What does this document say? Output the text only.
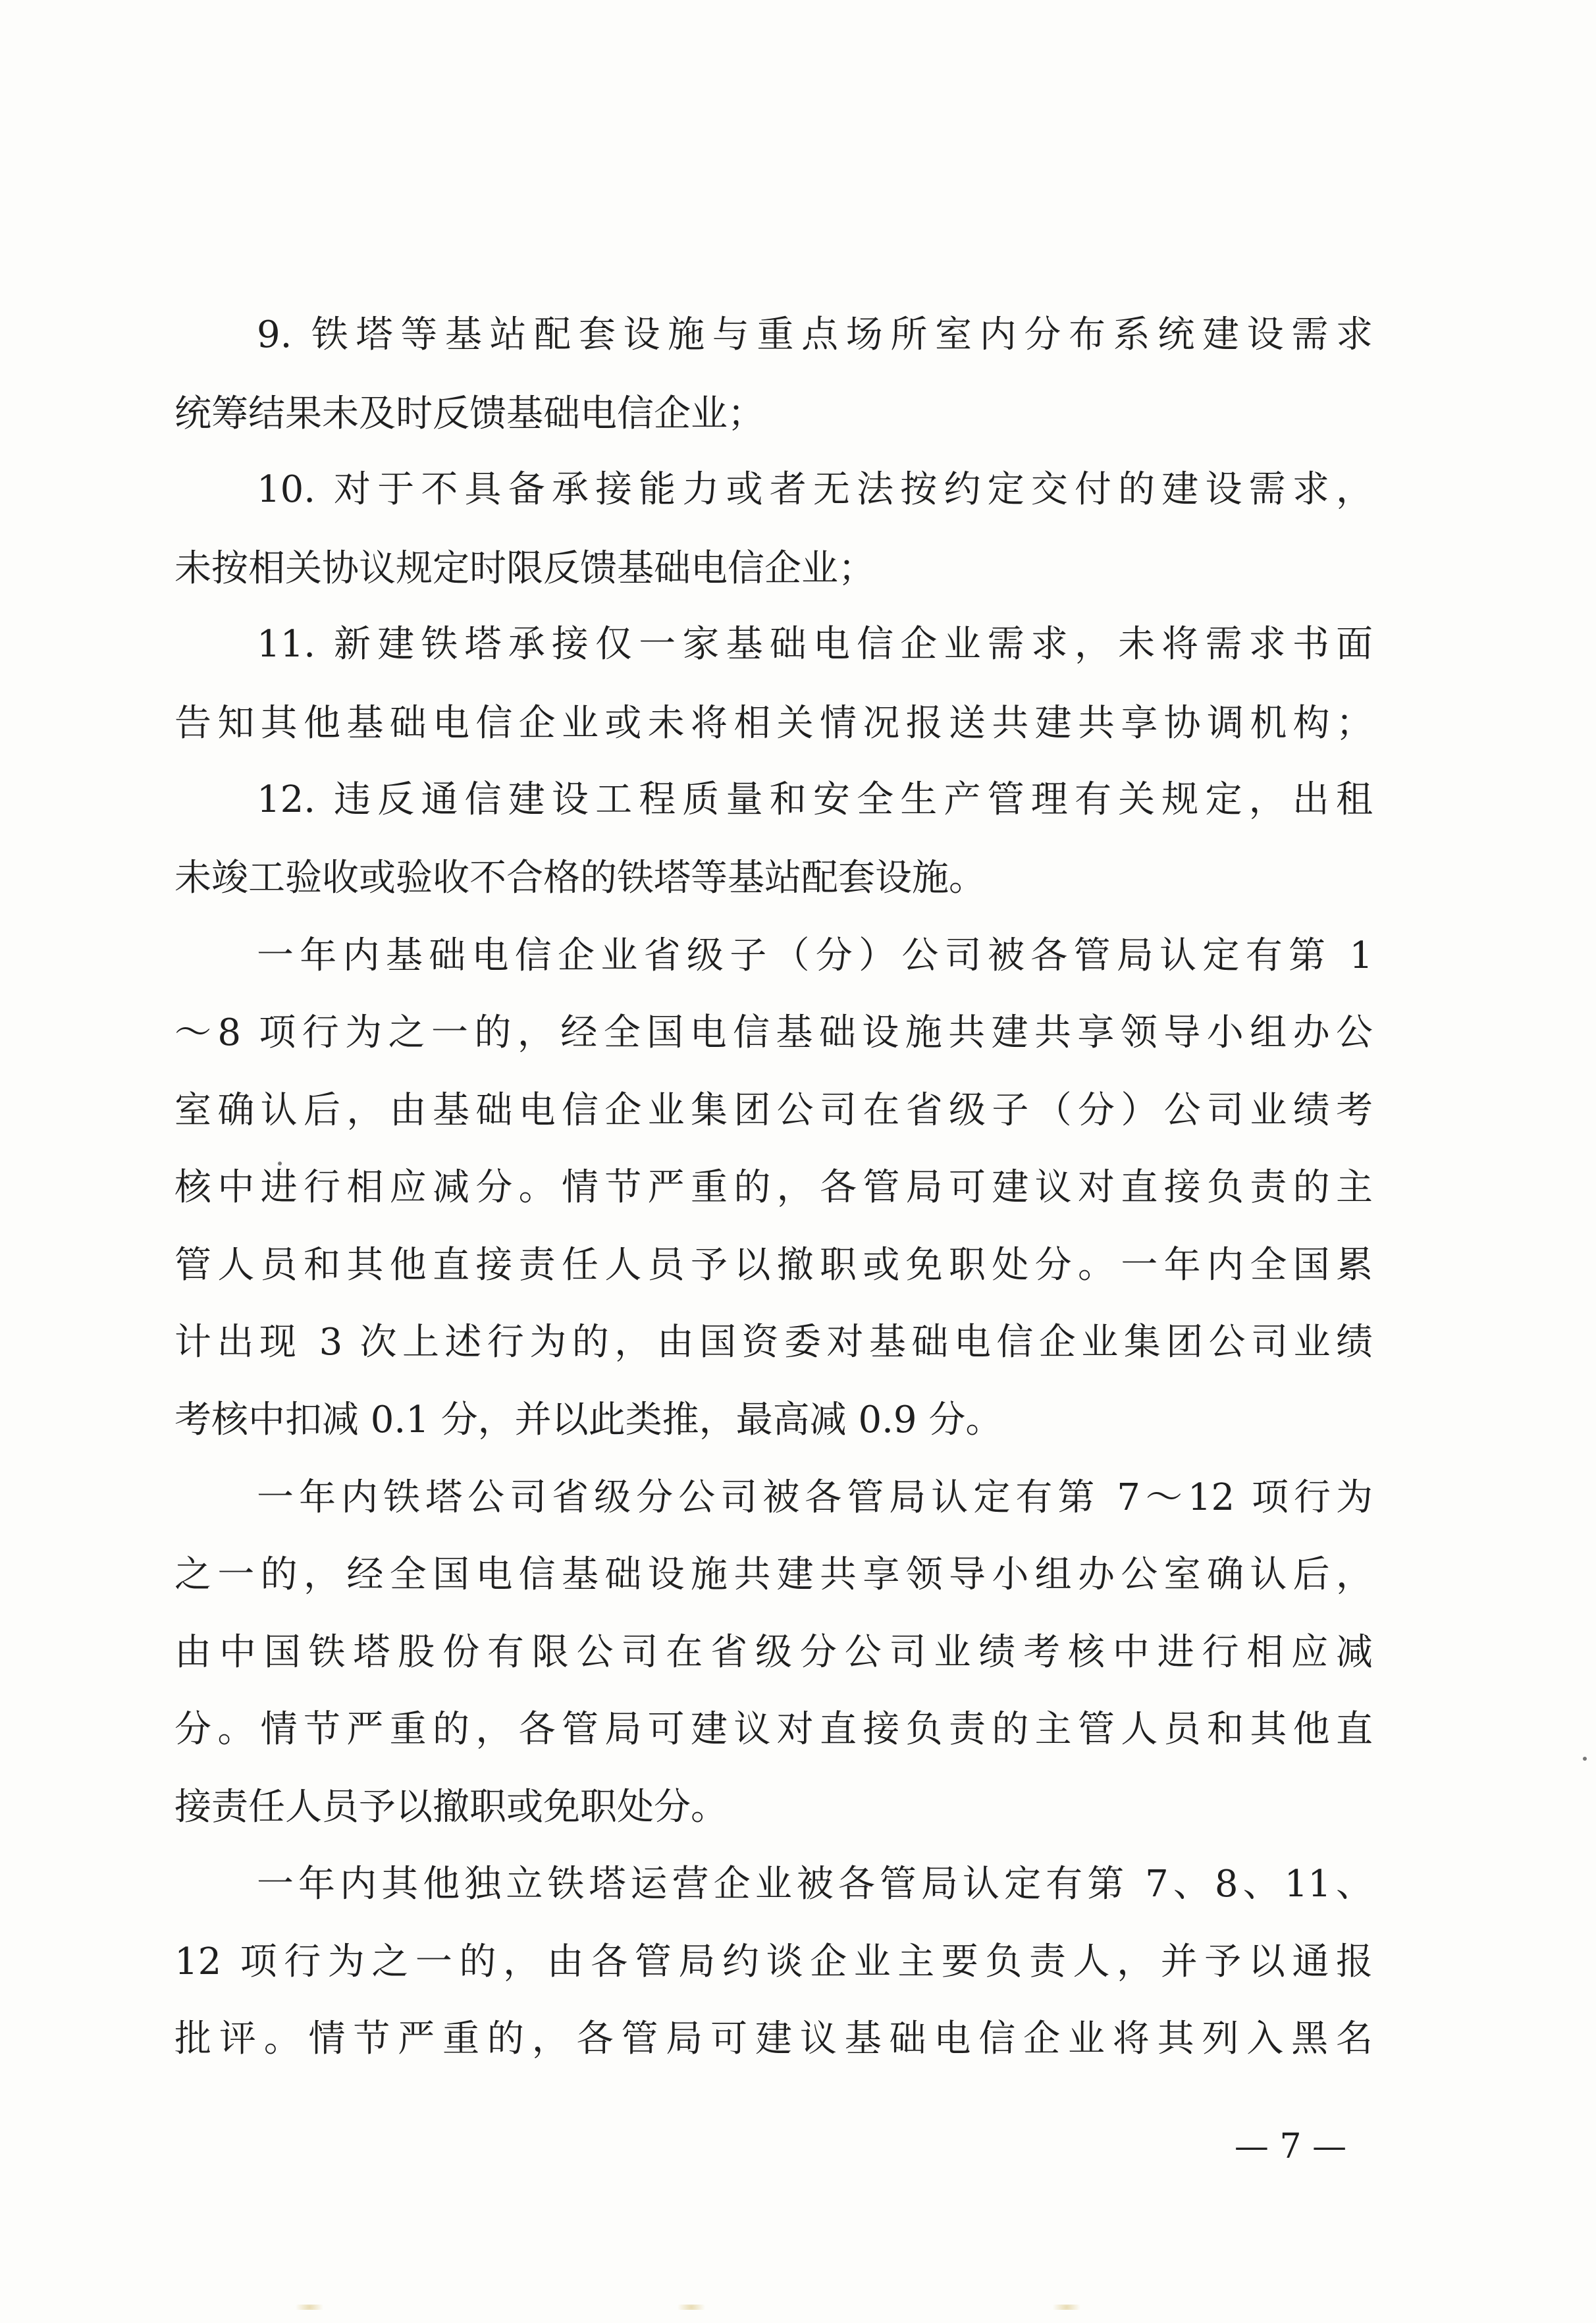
9. 铁塔等基站配套设施与重点场所室内分布系统建设需求
统筹结果未及时反馈基础电信企业；
10. 对于不具备承接能力或者无法按约定交付的建设需求，
未按相关协议规定时限反馈基础电信企业；
11. 新建铁塔承接仅一家基础电信企业需求，未将需求书面
告知其他基础电信企业或未将相关情况报送共建共享协调机构；
12. 违反通信建设工程质量和安全生产管理有关规定，出租
未竣工验收或验收不合格的铁塔等基站配套设施。
一年内基础电信企业省级子（分）公司被各管局认定有第 1
～8 项行为之一的，经全国电信基础设施共建共享领导小组办公
室确认后，由基础电信企业集团公司在省级子（分）公司业绩考
核中进行相应减分。情节严重的，各管局可建议对直接负责的主
管人员和其他直接责任人员予以撤职或免职处分。一年内全国累
计出现 3 次上述行为的，由国资委对基础电信企业集团公司业绩
考核中扣减 0.1 分，并以此类推，最高减 0.9 分。
一年内铁塔公司省级分公司被各管局认定有第 7～12 项行为
之一的，经全国电信基础设施共建共享领导小组办公室确认后，
由中国铁塔股份有限公司在省级分公司业绩考核中进行相应减
分。情节严重的，各管局可建议对直接负责的主管人员和其他直
接责任人员予以撤职或免职处分。
一年内其他独立铁塔运营企业被各管局认定有第 7、8、11、
12 项行为之一的，由各管局约谈企业主要负责人，并予以通报
批评。情节严重的，各管局可建议基础电信企业将其列入黑名
— 7 —
